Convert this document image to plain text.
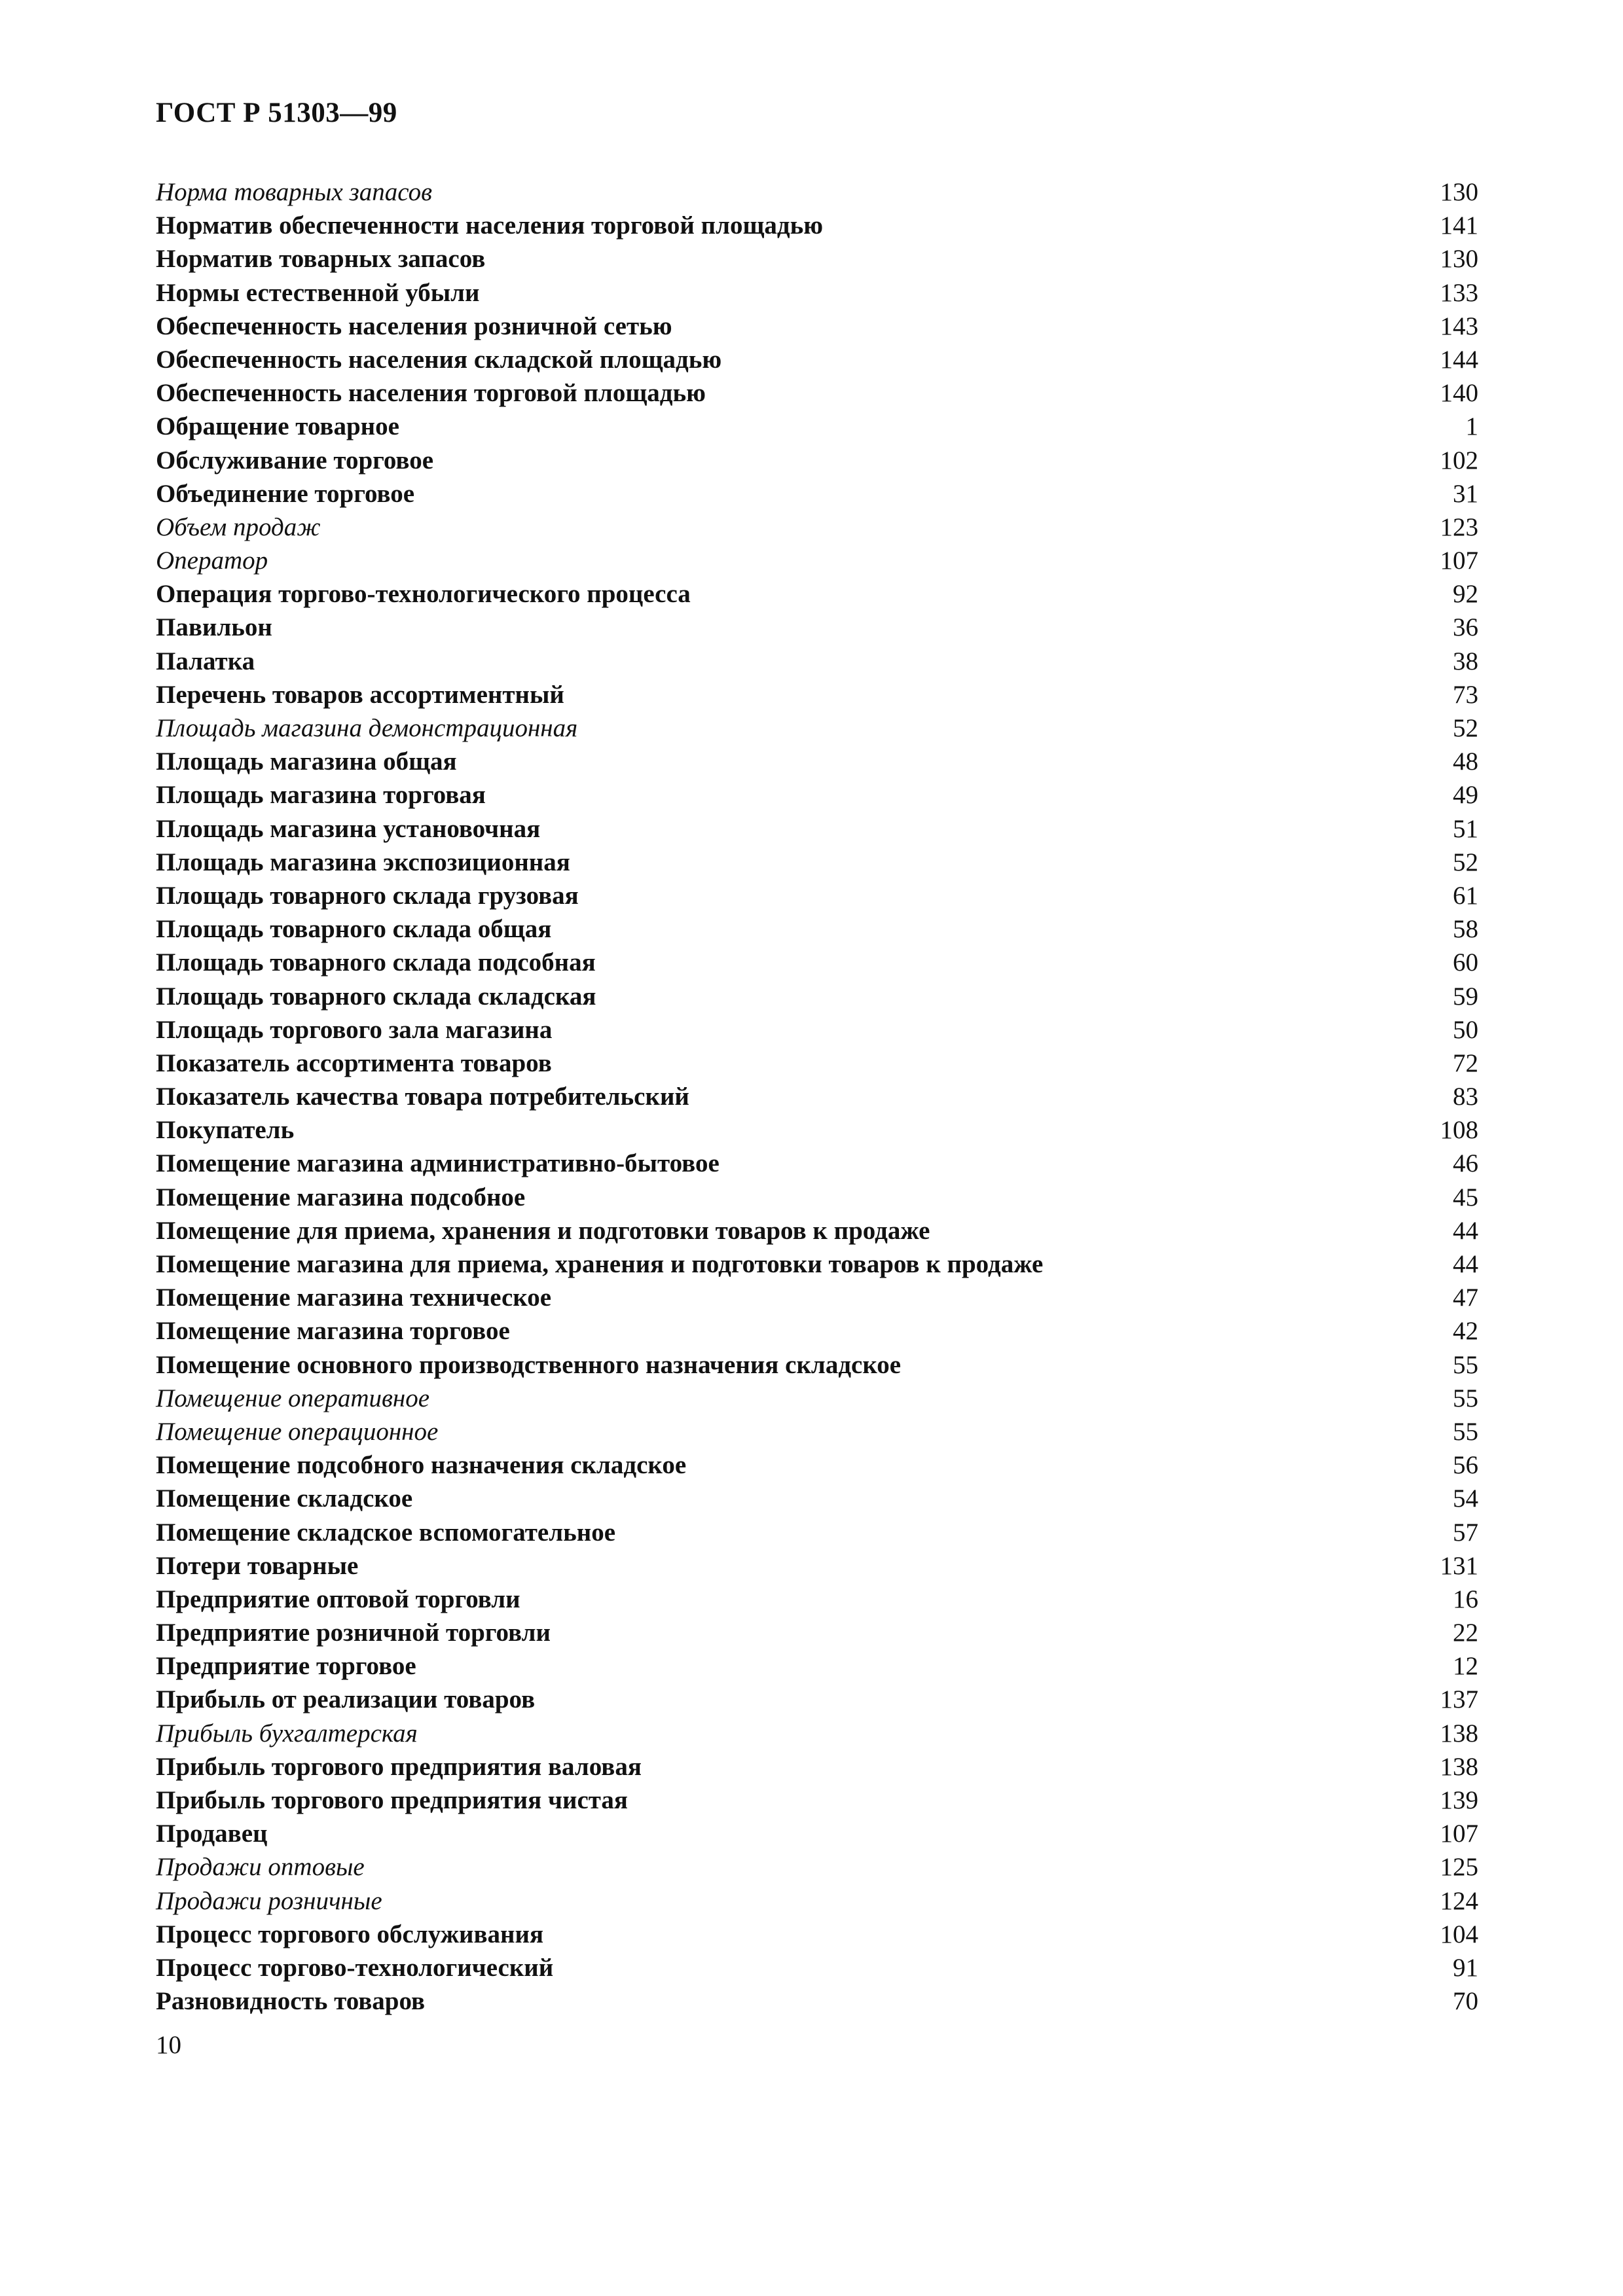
ГОСТ Р 51303—99
Норма товарных запасов	130
Норматив обеспеченности населения торговой площадью	141
Норматив товарных запасов	130
Нормы естественной убыли	133
Обеспеченность населения розничной сетью	143
Обеспеченность населения складской площадью	144
Обеспеченность населения торговой площадью	140
Обращение товарное	1
Обслуживание торговое	102
Объединение торговое	31
Объем продаж	123
Оператор	107
Операция торгово-технологического процесса	92
Павильон	36
Палатка	38
Перечень товаров ассортиментный	73
Площадь магазина демонстрационная	52
Площадь магазина общая	48
Площадь магазина торговая	49
Площадь магазина установочная	51
Площадь магазина экспозиционная	52
Площадь товарного склада грузовая	61
Площадь товарного склада общая	58
Площадь товарного склада подсобная	60
Площадь товарного склада складская	59
Площадь торгового зала магазина	50
Показатель ассортимента товаров	72
Показатель качества товара потребительский	83
Покупатель	108
Помещение магазина административно-бытовое	46
Помещение магазина подсобное	45
Помещение для приема, хранения и подготовки товаров к продаже	44
Помещение магазина для приема, хранения и подготовки товаров к продаже	44
Помещение магазина техническое	47
Помещение магазина торговое	42
Помещение основного производственного назначения складское	55
Помещение оперативное	55
Помещение операционное	55
Помещение подсобного назначения складское	56
Помещение складское	54
Помещение складское вспомогательное	57
Потери товарные	131
Предприятие оптовой торговли	16
Предприятие розничной торговли	22
Предприятие торговое	12
Прибыль от реализации товаров	137
Прибыль бухгалтерская	138
Прибыль торгового предприятия валовая	138
Прибыль торгового предприятия чистая	139
Продавец	107
Продажи оптовые	125
Продажи розничные	124
Процесс торгового обслуживания	104
Процесс торгово-технологический	91
Разновидность товаров	70
10
